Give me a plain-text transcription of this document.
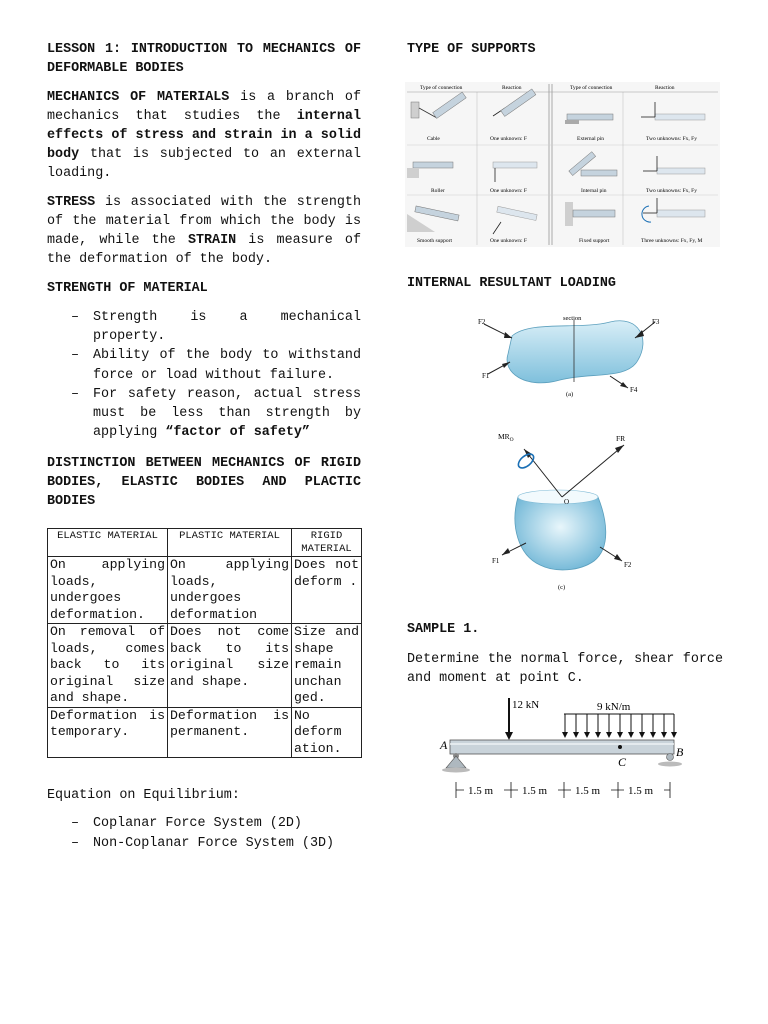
LESSON 1: INTRODUCTION TO MECHANICS OF DEFORMABLE BODIES

MECHANICS OF MATERIALS is a branch of mechanics that studies the internal effects of stress and strain in a solid body that is subjected to an external loading.

STRESS is associated with the strength of the material from which the body is made, while the STRAIN is measure of the deformation of the body.

STRENGTH OF MATERIAL

– Strength is a mechanical property.
– Ability of the body to withstand force or load without failure.
– For safety reason, actual stress must be less than strength by applying “factor of safety”

DISTINCTION BETWEEN MECHANICS OF RIGID BODIES, ELASTIC BODIES AND PLACTIC BODIES

ELASTIC MATERIAL	PLASTIC MATERIAL	RIGID MATERIAL
On applying loads, undergoes deformation.	On applying loads, undergoes deformation	Does not deform .
On removal of loads, comes back to its original size and shape.	Does not come back to its original size and shape.	Size and shape remain unchan ged.
Deformation is temporary.	Deformation is permanent.	No deform ation.

Equation on Equilibrium:

– Coplanar Force System (2D)
– Non-Coplanar Force System (3D)

TYPE OF SUPPORTS

Type of connection	Reaction	Type of connection	Reaction
Cable	One unknown: F	External pin	Two unknowns: Fx, Fy
Roller	One unknown: F	Internal pin	Two unknowns: Fx, Fy
Smooth support	One unknown: F	Fixed support	Three unknowns: Fx, Fy, M
INTERNAL RESULTANT LOADING
section
F2	F3
F1
F4
(a)
$MR_O$	FR
O
F1	F2
(c)
SAMPLE 1.

Determine the normal force, shear force and moment at point C.

12 kN	9 kN/m
A	B
C
1.5 m	1.5 m	1.5 m	1.5 m
